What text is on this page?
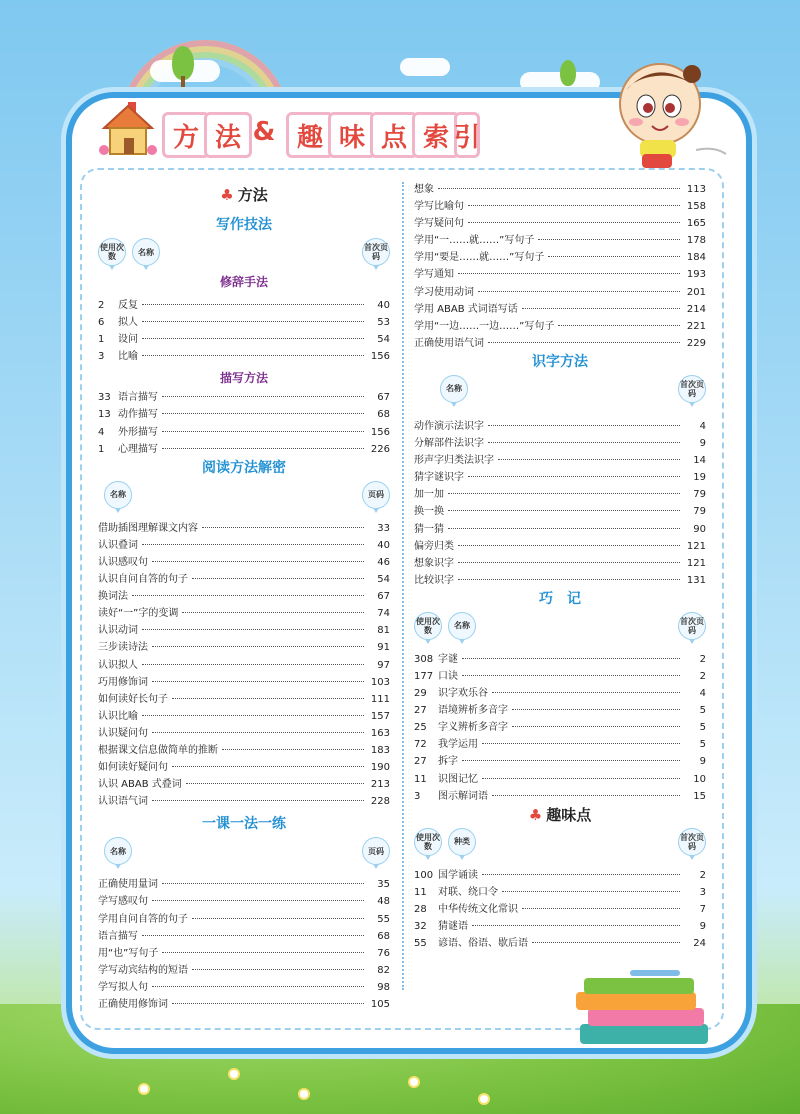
方 法 & 趣 味 点 索 引
♣ 方法
写作技法
使用次数	名称	首次页码
修辞手法
2	反复	40
6	拟人	53
1	设问	54
3	比喻	156
描写方法
33 语言描写	67
13 动作描写	68
4	外形描写	156
1	心理描写	226
阅读方法解密
名称	页码
借助插图理解课文内容	33
认识叠词	40
认识感叹句	46
认识自问自答的句子	54
换词法	67
读好“一”字的变调	74
认识动词	81
三步读诗法	91
认识拟人	97
巧用修饰词	103
如何读好长句子	111
认识比喻	157
认识疑问句	163
根据课文信息做简单的推断	183
如何读好疑问句	190
认识 ABAB 式叠词	213
认识语气词	228
一课一法一练
名称	页码
正确使用量词	35
学写感叹句	48
学用自问自答的句子	55
语言描写	68
用“也”写句子	76
学写动宾结构的短语	82
学写拟人句	98
正确使用修饰词	105
想象	113
学写比喻句	158
学写疑问句	165
学用“一……就……”写句子	178
学用“要是……就……”写句子	184
学写通知	193
学习使用动词	201
学用 ABAB 式词语写话	214
学用“一边……一边……”写句子	221
正确使用语气词	229
识字方法
名称	首次页码
动作演示法识字	4
分解部件法识字	9
形声字归类法识字	14
猜字谜识字	19
加一加	79
换一换	79
猜一猜	90
偏旁归类	121
想象识字	121
比较识字	131
巧　记
使用次数	名称	首次页码
308 字谜	2
177 口诀	2
29	识字欢乐谷	4
27	语境辨析多音字	5
25	字义辨析多音字	5
72	我学运用	5
27	拆字	9
11	识图记忆	10
3	图示解词语	15
♣ 趣味点
使用次数	种类	首次页码
100 国学诵读	2
11	对联、绕口令	3
28	中华传统文化常识	7
32	猜谜语	9
55	谚语、俗语、歇后语	24
